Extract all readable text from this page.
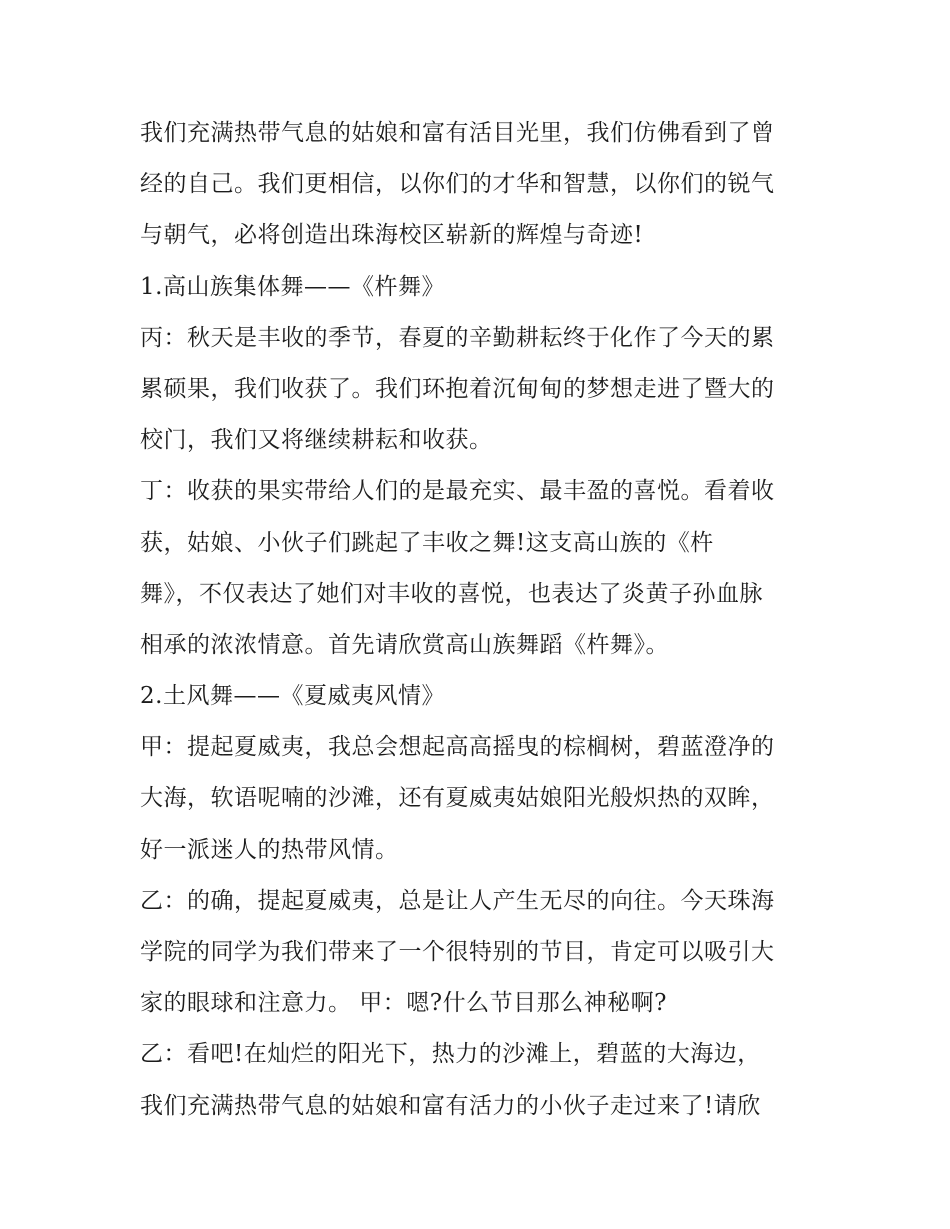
我们充满热带气息的姑娘和富有活目光里，我们仿佛看到了曾
经的自己。我们更相信，以你们的才华和智慧，以你们的锐气
与朝气，必将创造出珠海校区崭新的辉煌与奇迹!
1.高山族集体舞——《杵舞》
丙：秋天是丰收的季节，春夏的辛勤耕耘终于化作了今天的累
累硕果，我们收获了。我们环抱着沉甸甸的梦想走进了暨大的
校门，我们又将继续耕耘和收获。
丁：收获的果实带给人们的是最充实、最丰盈的喜悦。看着收
获，姑娘、小伙子们跳起了丰收之舞!这支高山族的《杵
舞》，不仅表达了她们对丰收的喜悦，也表达了炎黄子孙血脉
相承的浓浓情意。首先请欣赏高山族舞蹈《杵舞》。
2.土风舞——《夏威夷风情》
甲：提起夏威夷，我总会想起高高摇曳的棕榈树，碧蓝澄净的
大海，软语呢喃的沙滩，还有夏威夷姑娘阳光般炽热的双眸，
好一派迷人的热带风情。
乙：的确，提起夏威夷，总是让人产生无尽的向往。今天珠海
学院的同学为我们带来了一个很特别的节目，肯定可以吸引大
家的眼球和注意力。 甲：嗯?什么节目那么神秘啊?
乙：看吧!在灿烂的阳光下，热力的沙滩上，碧蓝的大海边，
我们充满热带气息的姑娘和富有活力的小伙子走过来了!请欣
